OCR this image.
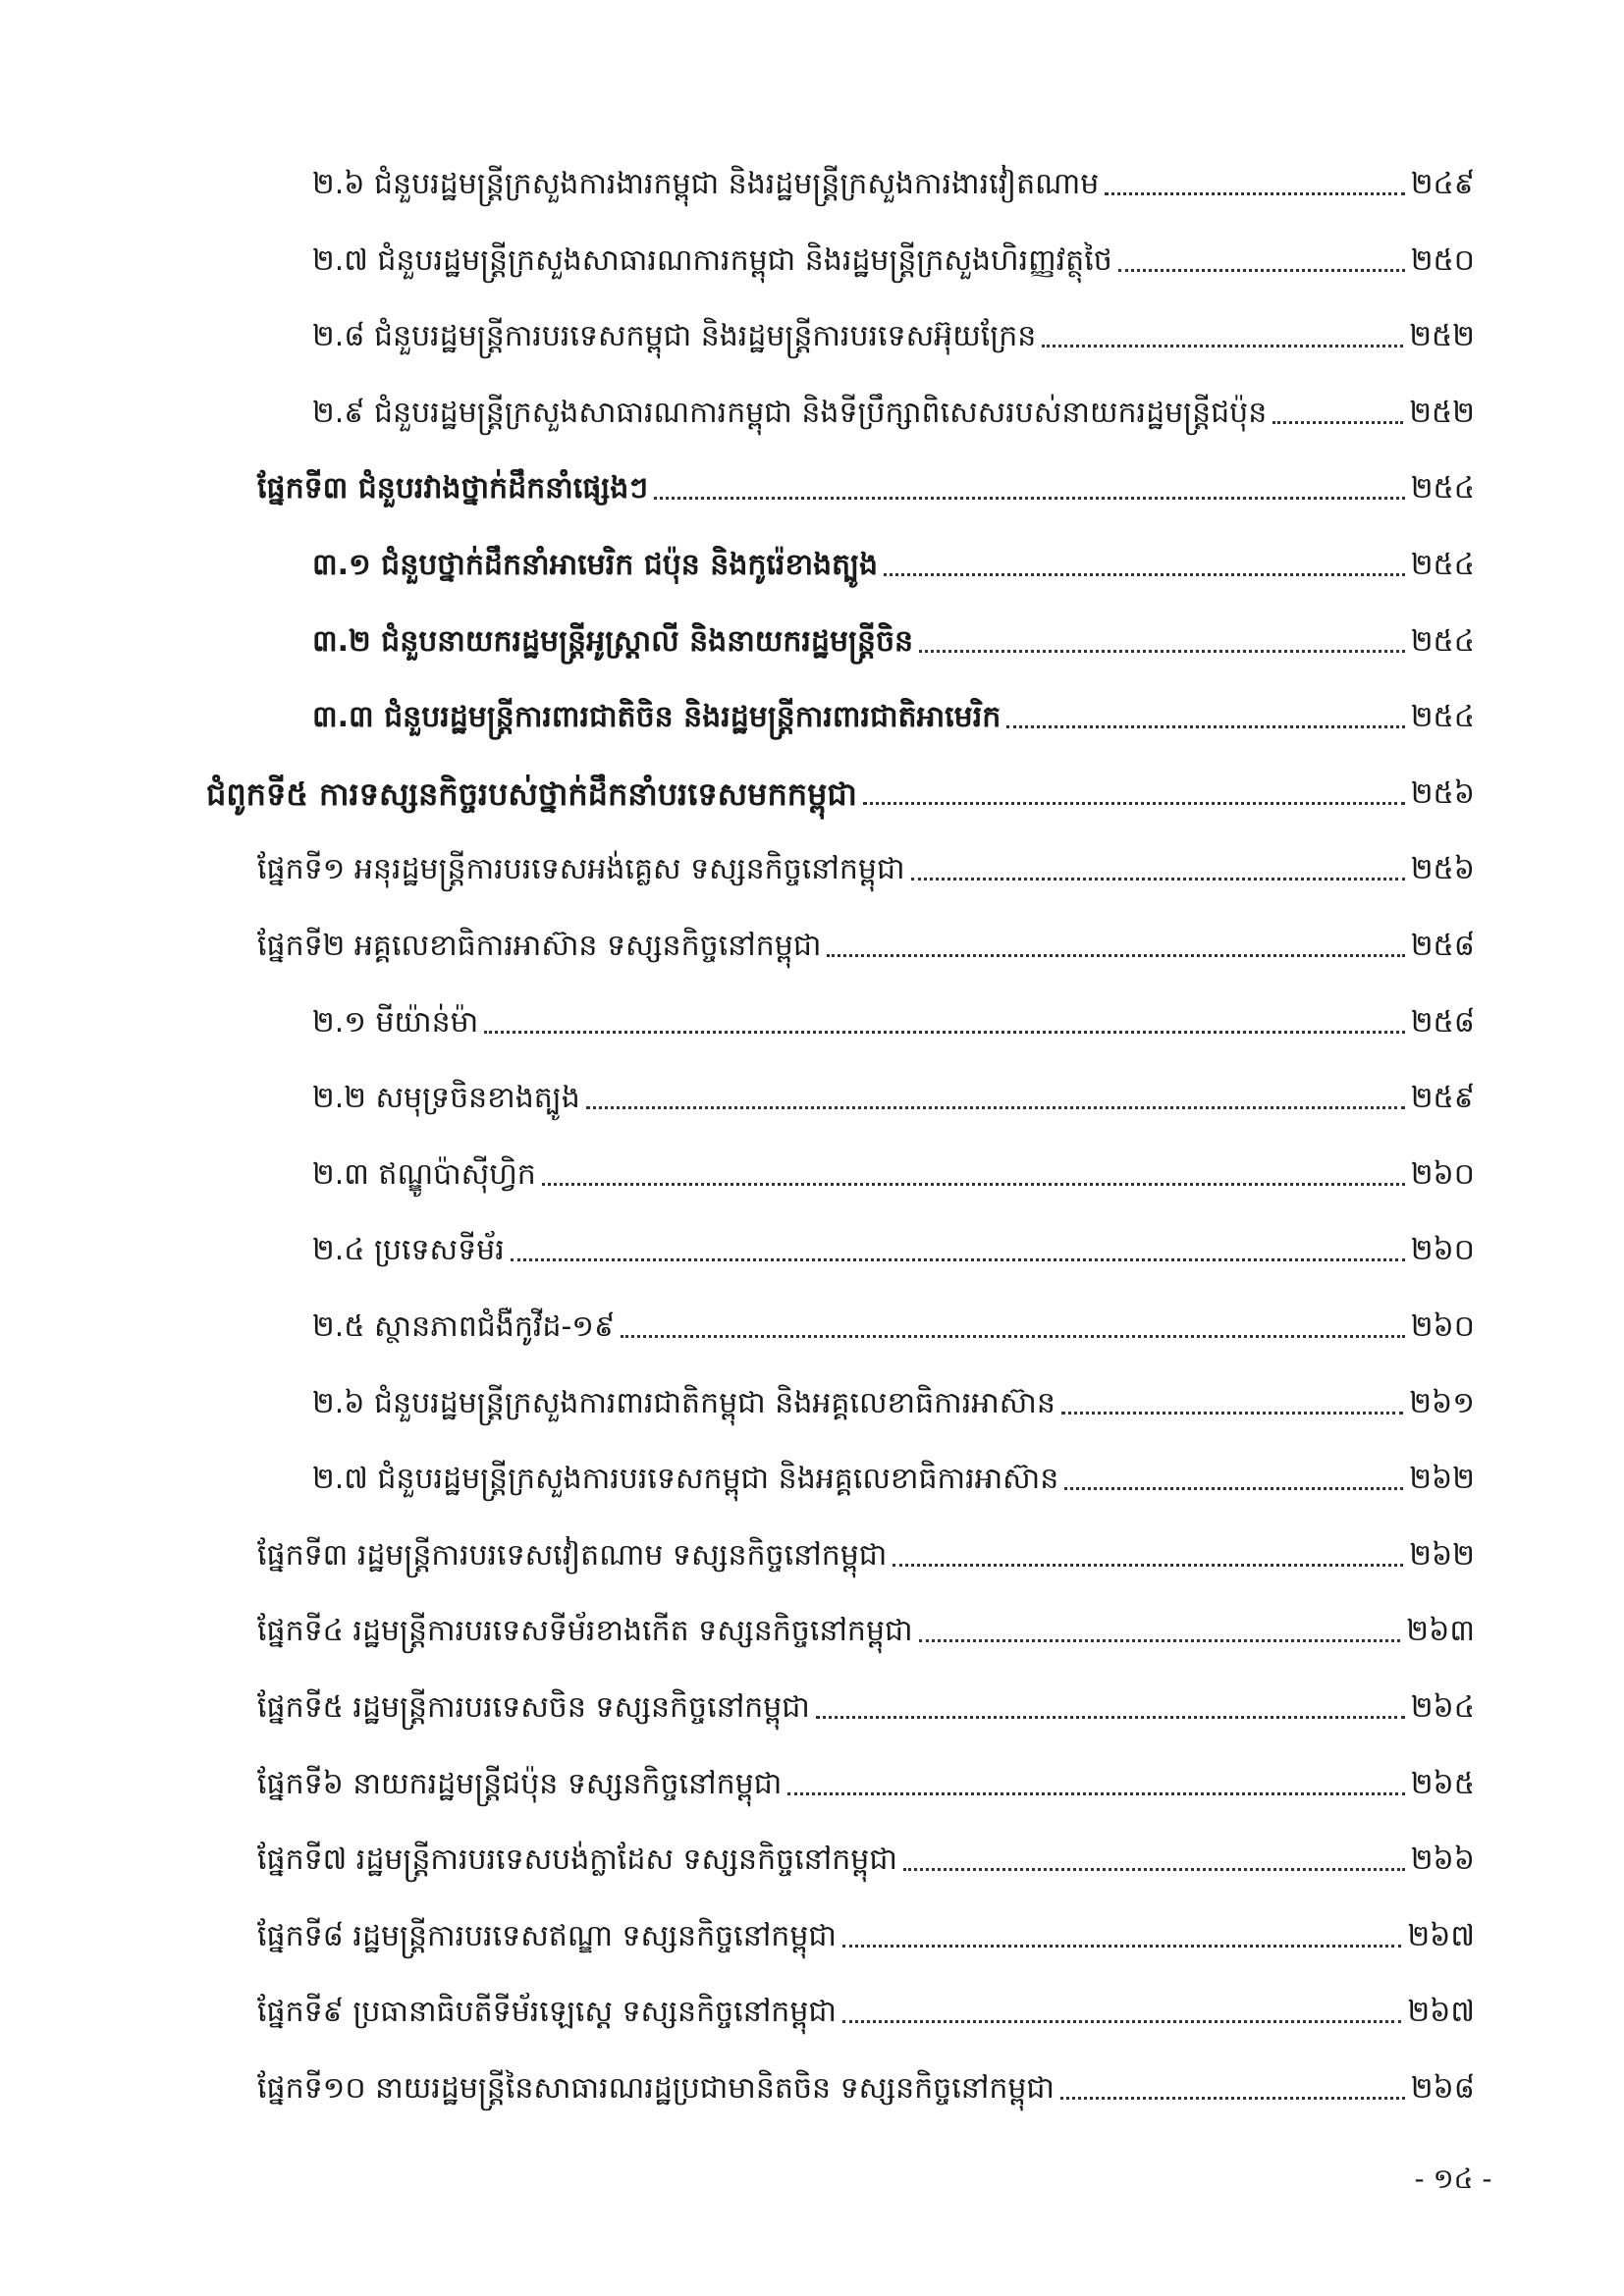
២.៦ ជំនួបរដ្ឋមន្ត្រីក្រសួងការងារកម្ពុជា និងរដ្ឋមន្ត្រីក្រសួងការងារវៀតណាម	២៤៩
២.៧ ជំនួបរដ្ឋមន្ត្រីក្រសួងសាធារណការកម្ពុជា និងរដ្ឋមន្ត្រីក្រសួងហិរញ្ញវត្ថុថៃ	២៥០
២.៨ ជំនួបរដ្ឋមន្ត្រីការបរទេសកម្ពុជា និងរដ្ឋមន្ត្រីការបរទេសអ៊ុយក្រែន	២៥២
២.៩ ជំនួបរដ្ឋមន្ត្រីក្រសួងសាធារណការកម្ពុជា និងទីប្រឹក្សាពិសេសរបស់នាយករដ្ឋមន្ត្រីជប៉ុន	២៥២
ផ្នែកទី៣ ជំនួបរវាងថ្នាក់ដឹកនាំផ្សេងៗ	២៥៤
៣.១ ជំនួបថ្នាក់ដឹកនាំអាមេរិក ជប៉ុន និងកូរ៉េខាងត្បូង	២៥៤
៣.២ ជំនួបនាយករដ្ឋមន្ត្រីអូស្ត្រាលី និងនាយករដ្ឋមន្ត្រីចិន	២៥៤
៣.៣ ជំនួបរដ្ឋមន្ត្រីការពារជាតិចិន និងរដ្ឋមន្ត្រីការពារជាតិអាមេរិក	២៥៤
ជំពូកទី៥ ការទស្សនកិច្ចរបស់ថ្នាក់ដឹកនាំបរទេសមកកម្ពុជា	២៥៦
ផ្នែកទី១ អនុរដ្ឋមន្ត្រីការបរទេសអង់គ្លេស ទស្សនកិច្ចនៅកម្ពុជា	២៥៦
ផ្នែកទី២ អគ្គលេខាធិការអាស៊ាន ទស្សនកិច្ចនៅកម្ពុជា	២៥៨
២.១ មីយ៉ាន់ម៉ា	២៥៨
២.២ សមុទ្រចិនខាងត្បូង	២៥៩
២.៣ ឥណ្ឌូប៉ាស៊ីហ្វិក	២៦០
២.៤ ប្រទេសទីម័រ	២៦០
២.៥ ស្ថានភាពជំងឺកូវីដ-១៩	២៦០
២.៦ ជំនួបរដ្ឋមន្ត្រីក្រសួងការពារជាតិកម្ពុជា និងអគ្គលេខាធិការអាស៊ាន	២៦១
២.៧ ជំនួបរដ្ឋមន្ត្រីក្រសួងការបរទេសកម្ពុជា និងអគ្គលេខាធិការអាស៊ាន	២៦២
ផ្នែកទី៣ រដ្ឋមន្ត្រីការបរទេសវៀតណាម ទស្សនកិច្ចនៅកម្ពុជា	២៦២
ផ្នែកទី៤ រដ្ឋមន្ត្រីការបរទេសទីម័រខាងកើត ទស្សនកិច្ចនៅកម្ពុជា	២៦៣
ផ្នែកទី៥ រដ្ឋមន្ត្រីការបរទេសចិន ទស្សនកិច្ចនៅកម្ពុជា	២៦៤
ផ្នែកទី៦ នាយករដ្ឋមន្ត្រីជប៉ុន ទស្សនកិច្ចនៅកម្ពុជា	២៦៥
ផ្នែកទី៧ រដ្ឋមន្ត្រីការបរទេសបង់ក្លាដែស ទស្សនកិច្ចនៅកម្ពុជា	២៦៦
ផ្នែកទី៨ រដ្ឋមន្ត្រីការបរទេសឥណ្ឌា ទស្សនកិច្ចនៅកម្ពុជា	២៦៧
ផ្នែកទី៩ ប្រធានាធិបតីទីម័រឡេស្តេ ទស្សនកិច្ចនៅកម្ពុជា	២៦៧
ផ្នែកទី១០ នាយរដ្ឋមន្ត្រីនៃសាធារណរដ្ឋប្រជាមានិតចិន ទស្សនកិច្ចនៅកម្ពុជា	២៦៨
- ១៤ -
